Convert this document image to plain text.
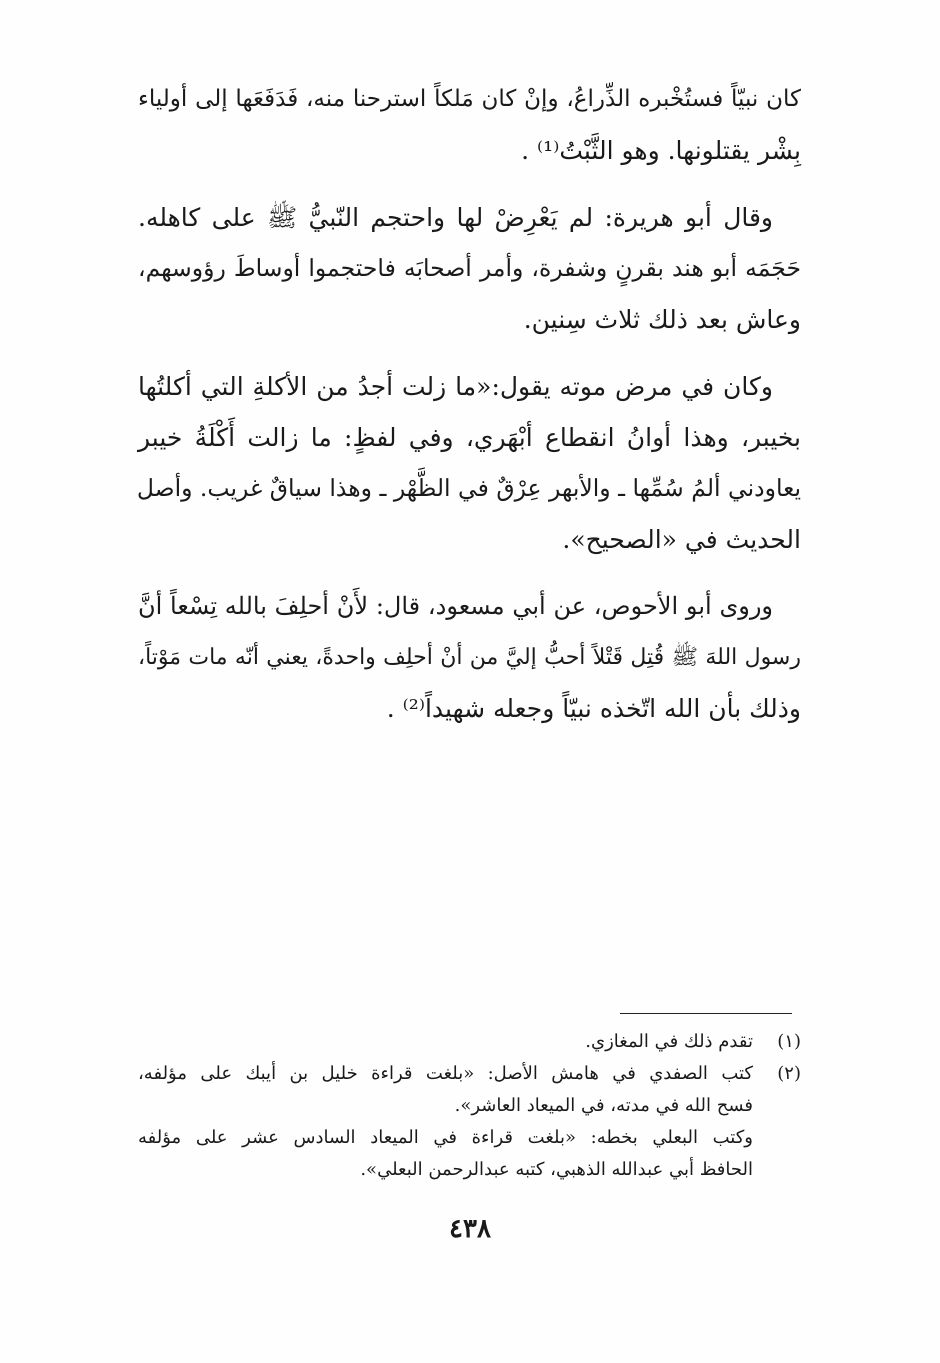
كان نبيّاً فستُخْبره الذِّراعُ، وإنْ كان مَلكاً استرحنا منه، فَدَفَعَها إلى أولياء
بِشْر يقتلونها. وهو الثَّبْتُ⁽¹⁾ .

وقال أبو هريرة: لم يَعْرِضْ لها واحتجم النّبيُّ ﷺ على كاهله.
حَجَمَه أبو هند بقرنٍ وشفرة، وأمر أصحابَه فاحتجموا أوساطَ رؤوسهم،
وعاش بعد ذلك ثلاث سِنين.

وكان في مرض موته يقول:«ما زلت أجدُ من الأكلةِ التي أكلتُها
بخيبر، وهذا أوانُ انقطاع أبْهَري، وفي لفظٍ: ما زالت أَكْلَةُ خيبر
يعاودني ألمُ سُمِّها ـ والأبهر عِرْقٌ في الظَّهْر ـ وهذا سياقٌ غريب. وأصل
الحديث في «الصحيح».

وروى أبو الأحوص، عن أبي مسعود، قال: لأَنْ أحلِفَ بالله تِسْعاً أنَّ
رسول اللهَ ﷺ قُتِل قَتْلاً أحبُّ إليَّ من أنْ أحلِف واحدةً، يعني أنّه مات مَوْتاً،
وذلك بأن الله اتّخذه نبيّاً وجعله شهيداً⁽²⁾ .

(١)
تقدم ذلك في المغازي.
(٢)
كتب الصفدي في هامش الأصل: «بلغت قراءة خليل بن أيبك على مؤلفه،
فسح الله في مدته، في الميعاد العاشر».
وكتب البعلي بخطه: «بلغت قراءة في الميعاد السادس عشر على مؤلفه
الحافظ أبي عبدالله الذهبي، كتبه عبدالرحمن البعلي».
٤٣٨
